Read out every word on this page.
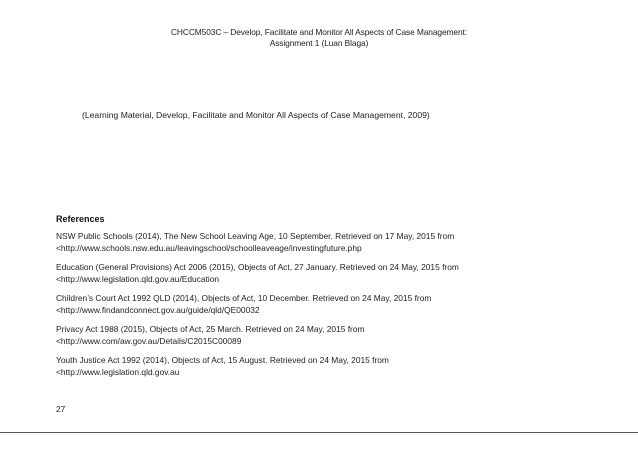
CHCCM503C – Develop, Facilitate and Monitor All Aspects of Case Management:
Assignment 1 (Luan Blaga)
(Learning Material, Develop, Facilitate and Monitor All Aspects of Case Management, 2009)
References
NSW Public Schools (2014), The New School Leaving Age, 10 September. Retrieved on 17 May, 2015 from
<http://www.schools.nsw.edu.au/leavingschool/schoolleaveage/investingfuture.php
Education (General Provisions) Act 2006 (2015), Objects of Act, 27 January. Retrieved on 24 May, 2015 from
<http://www.legislation.qld.gov.au/Education
Children’s Court Act 1992 QLD (2014), Objects of Act, 10 December. Retrieved on 24 May, 2015 from
<http://www.findandconnect.gov.au/guide/qld/QE00032
Privacy Act 1988 (2015), Objects of Act, 25 March. Retrieved on 24 May, 2015 from
<http://www.com/aw.gov.au/Details/C2015C00089
Youth Justice Act 1992 (2014), Objects of Act, 15 August. Retrieved on 24 May, 2015 from
<http://www.legislation.qld.gov.au
27
